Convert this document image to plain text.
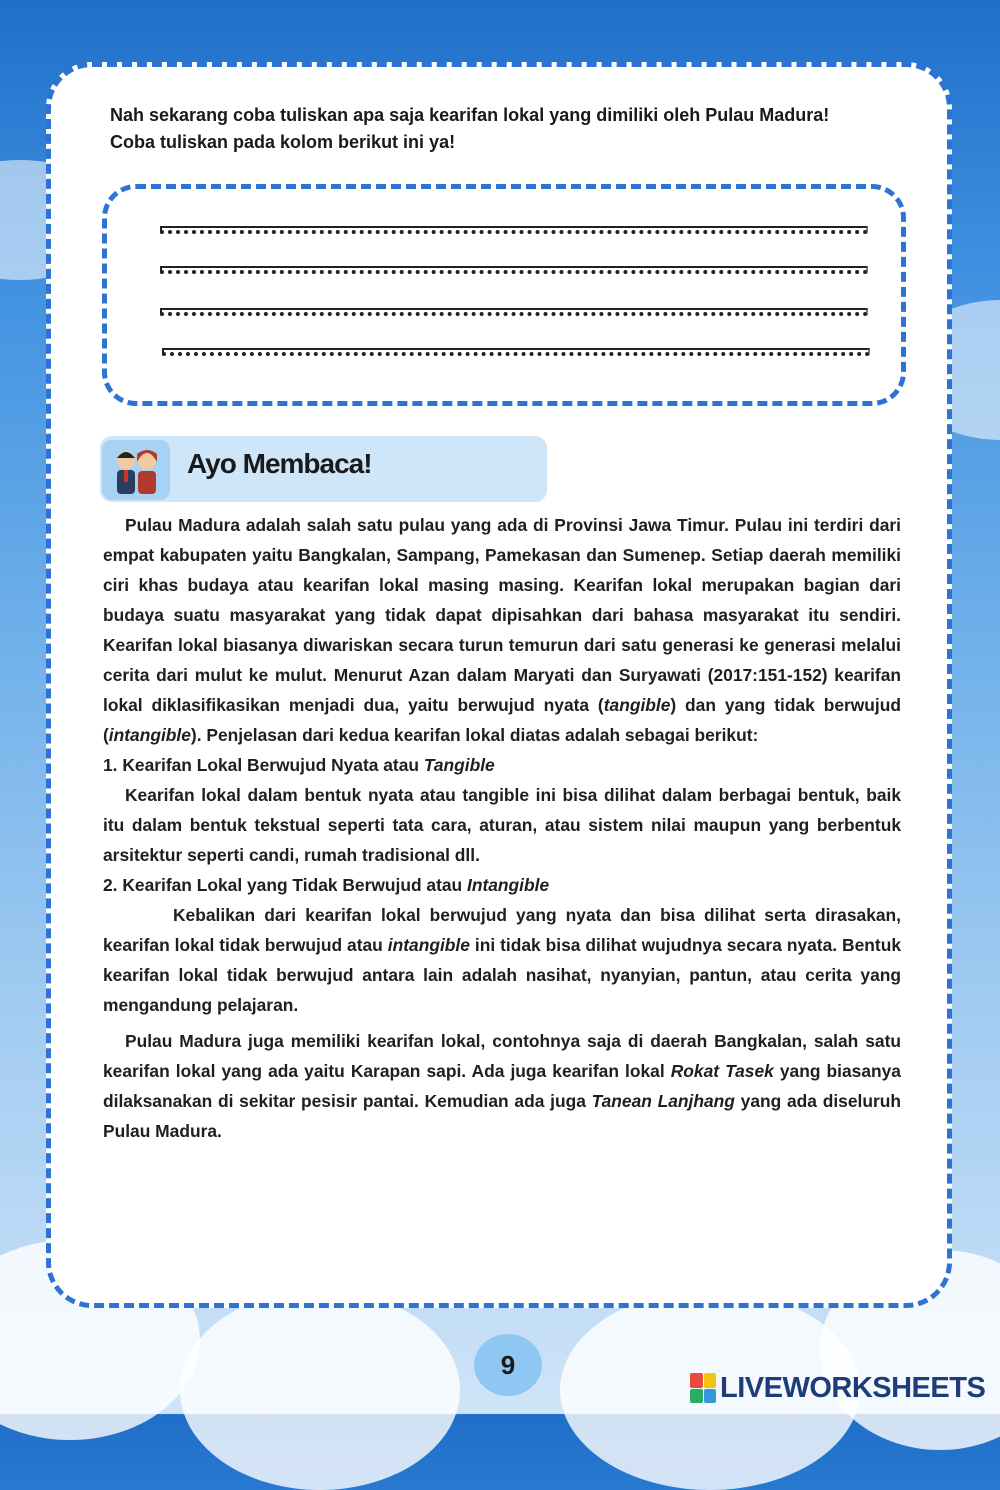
Nah sekarang coba tuliskan apa saja kearifan lokal yang dimiliki oleh Pulau Madura!
Coba tuliskan pada kolom berikut ini ya!
Ayo Membaca!

Pulau Madura adalah salah satu pulau yang ada di Provinsi Jawa Timur. Pulau ini terdiri dari empat kabupaten yaitu Bangkalan, Sampang, Pamekasan dan Sumenep. Setiap daerah memiliki ciri khas budaya atau kearifan lokal masing masing. Kearifan lokal merupakan bagian dari budaya suatu masyarakat yang tidak dapat dipisahkan dari bahasa masyarakat itu sendiri. Kearifan lokal biasanya diwariskan secara turun temurun dari satu generasi ke generasi melalui cerita dari mulut ke mulut. Menurut Azan dalam Maryati dan Suryawati (2017:151-152) kearifan lokal diklasifikasikan menjadi dua, yaitu berwujud nyata (tangible) dan yang tidak berwujud (intangible). Penjelasan dari kedua kearifan lokal diatas adalah sebagai berikut:

1. Kearifan Lokal Berwujud Nyata atau Tangible

Kearifan lokal dalam bentuk nyata atau tangible ini bisa dilihat dalam berbagai bentuk, baik itu dalam bentuk tekstual seperti tata cara, aturan, atau sistem nilai maupun yang berbentuk arsitektur seperti candi, rumah tradisional dll.

2. Kearifan Lokal yang Tidak Berwujud atau Intangible

Kebalikan dari kearifan lokal berwujud yang nyata dan bisa dilihat serta dirasakan, kearifan lokal tidak berwujud atau intangible ini tidak bisa dilihat wujudnya secara nyata. Bentuk kearifan lokal tidak berwujud antara lain adalah nasihat, nyanyian, pantun, atau cerita yang mengandung pelajaran.

Pulau Madura juga memiliki kearifan lokal, contohnya saja di daerah Bangkalan, salah satu kearifan lokal yang ada yaitu Karapan sapi. Ada juga kearifan lokal Rokat Tasek yang biasanya dilaksanakan di sekitar pesisir pantai. Kemudian ada juga Tanean Lanjhang yang ada diseluruh Pulau Madura.

9
LIVEWORKSHEETS
